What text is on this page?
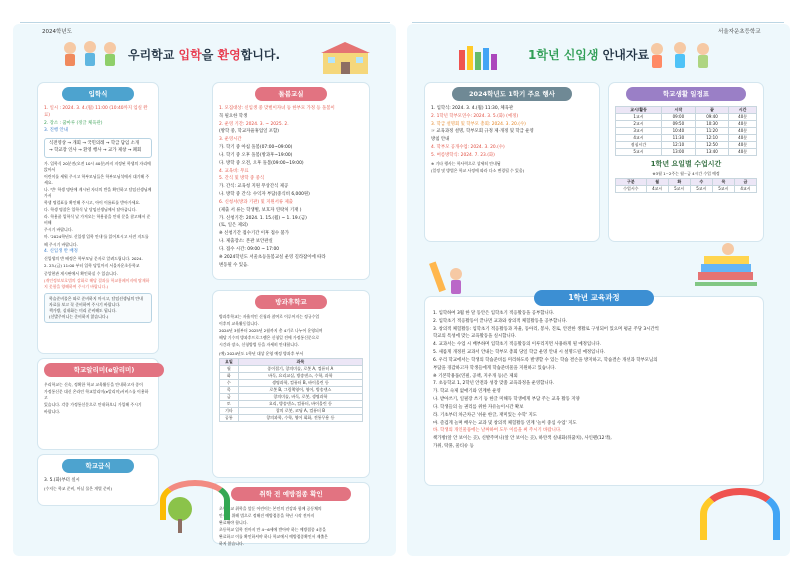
2024학년도	서울자운초등학교
우리학교 입학을 환영합니다.	1학년 신입생 안내자료
입학식
1. 일시 : 2024. 3. 4.(월) 11:00 (10:40까지 입실 완료)
2. 장소 : 꿈마루 (정글 체육관)
3. 진행 안내
식전영상 → 개회 → 국민의례 → 학급 담임 소개
→ 학교장 인사 → 환영 행사 → 교가 제창 → 폐회
가. 입학식 20분전(오전 10시 40분)까지 지정된 학생의 자리에 앉아서
어린이를 세워 주시고 학부모님들은 학부모님석에서 대기해 주세요.
나. '반' 학생 명단에 게시된 자녀의 반을 확인하고 담임선생님께 가서
학생 명렬표를 확인해 주시고, 아이 이름표를 받아가세요.
다. 학생 명찰은 입학식 날 담임선생님께서 달아줍니다.
라. 학용품 입학식 날 가져오는 학용품을 안내 문을 참고해서 준비해
주시기 바랍니다.
마. '2024학년도 신입생 입학 안내'를 읽어보시고 사전 지도를
해 주시기 바랍니다.
4. 신입생 반 배정
신입생의 반 배정은 학부모님 문자로 알려드립니다. 2024.
2. 23.(금) 11:00 부터 입학 당일까지 서울자운초등학교
중앙현관 게시판에서 확인하실 수 있습니다.
(개인정보보호법의 강화로 해당 결과를 학교홈페이지에 탑재하지 못함을 양해하여 주시기 바랍니다.)
학습준비물은 따로 준비하지 마시고, 담임선생님의 안내
자료를 보고 꼭 준비하여 주시기 바랍니다.
책가방, 실내화는 미리 준비해도 됩니다.
(신발주머니는 준비하지 않습니다.)
학교알리미(e알리미)
우리학교는 신속, 정확한 학교 교육활동을 안내하고자 종이
가정통신문 대신 온라인 학교알리미(e알리미)서비스를 이용하고
있습니다. 각종 가정통신문으로 안내하오니 가입해 주시기
바랍니다.
학교급식
3. 5.(화)부터 실시
(수저는 학교 준비, 아닐 물은 개별 준비)
돌봄교실
1. 모집대상: 신입생 중 맞벌이자녀 등 한부모 가정 등 돌봄이
꼭 필요한 학생
2. 운영 기간: 2024. 3. ~ 2025. 2.
(방학 중, 학교자율휴업일 포함)
3. 운영시간
가. 학기 중 아침 돌봄(07:00~09:00)
나. 학기 중 오후 돌봄(방과후~19:00)
다. 방학 중 오전, 오후 돌봄(09:00~19:00)
4. 교육비: 무료
5. 간식 및 방학 중 중식
가. 간식: 교육청 지원 무상간식 제공
나. 방학 중 간식: 수익자 부담(중식비 6,000원)
6. 신청서(방과 기관) 및 지원서류 제출
(제출 서 류는 학생별, 보호자 연락처 기재 )
가. 신청기간: 2024. 1. 15.(월) ~ 1. 19.(금)
(토, 일은 제외)
※ 신청기간 접수기간 이후 접수 불가
나. 제출장소: 본관 보안관실
다. 접수 시간: 09:00 ~ 17:00
※ 2024학년도 서울초등돌봄교실 운영 길라잡이에 따라
변동될 수 있음.
방과후학교
방과후학교는 자율적인 신청과 참여로 이루어지는 정규수업
이후의 교육활동입니다.
2024년 3월부터 2025년 2월까지 총 4기로 나누어 운영되며
해당 기수의 방과후프로그램은 신청일 전에 가정통신문으로
시간과 장소, 신청방법 등을 자세히 안내합니다.
(예) 2024년도 1학년 대상 운영 예정 방과후 부서
요일	과목
월	종이접기, 창의미술, 로봇 A, 컴퓨터 A
화	바둑, 요리교실, 방송댄스, 수학, 과학
수	생명과학, 컴퓨터 B, 바이올린 등
목	로봇 B, 그림책영어, 영어, 방송댄스
금	창의미술, 바둑, 로봇, 생명과학
토	요리, 방송댄스, 컴퓨터, 바이올린 등
기타	창의 로봇, 코딩 A, 컴퓨터 B
공통	창의과학, 수학, 영어 회화, 전통무용 등
취학 전 예방접종 확인
초등학교 취학을 앞둔 어린이는 본인의 건강과 함께 공동체의
안전을 위해 법으로 정해진 예방접종을 학년 시작 전까지
완료해야 합니다.
초등학교 입학 전까지 만 4~6세에 받아야 하는 예방접종 4종을
완료하고 이를 확인하셔야 하나 학교에서 예방접종확인서 제출은
하지 않습니다.
2024학년도 1학기 주요 행사
1. 입학식: 2024. 3. 4.(월) 11:30, 체육관
2. 1학년 학부모연수: 2024. 3. 5.(화) (예정)
3. 학급 설명회 및 학부모 총회: 2024. 3. 20.(수)
☞ 교육과정 설명, 학부모회 규정 제·개정 및 학급 운영
방침 안내
4. 학부모 공개수업: 2024. 3. 20.(수)
5. 여름방학식: 2024. 7. 23.(화)
※ 기타 행사는 학사력으로 상세히 안내됨
(일정 및 방법은 학교 사정에 따라 다소 변경될 수 있음)
학교생활 일정표
교시/활동	시작	끝	시간
1교시	09:00	09:40	40분
2교시	09:50	10:30	40분
3교시	10:40	11:20	40분
4교시	11:30	12:10	40분
점심시간	12:10	12:50	40분
5교시	13:00	13:40	40분
1학년 요일별 수업시간
※3월 1~2주는 월~금 4시간 수업 예정
구분	월	화	수	목	금
수업시수	4교시	5교시	5교시	5교시	4교시
1학년 교육과정
1. 입학하여 3월 한 달 동안은 입학초기 적응활동을 공부합니다.
2. 입학초기 적응활동이 끝나면 교과와 창의적 체험활동을 공부합니다.
3. 창의적 체험활동: 입학초기 적응활동과 자율, 동아리, 봉사, 진로, 안전한 생활로 구성되어 있으며 평균 주당 3시간씩
학교의 특성에 맞는 교육활동을 실시합니다.
4. 교과서는 수업 시 배부하며 입학초기 적응활동의 이루리지면 사용하게 될 예정입니다.
5. 새롭게 개정된 교과서 안내는 학부모 총회 당일 학급 운영 안내 시 설명드릴 예정입니다.
6. 우리 학교에서는 학생의 학습준비를 미리하도록 발생할 수 있는 학습 결손을 방지하고, 학습결손 개선과 학부모님의
부담을 경감하고자 학생들에게 학습준비물을 지원하고 있습니다.
※ 기본학용품(연필, 공책, 지우개 등)은 제외
7. 초등학교 1, 2학년 안전과 성장 맞춤 교육과정을 운영합니다.
가. 학교 숙제 없애기와 연계한 운영
나. 받아쓰기, 일필장 쓰기 등 한글 미해득 학생에게 부담 주는 교육 활동 지양
다. 학생들의 놀 권리를 위한 자유놀이시간 확보
라. 기초부터 차근차근 '쉬운 한글, 재미있는 수학' 지도
마. 즐겁게 놀며 배우는 교과 및 창의적 체험활동 연계 '놀이 중심 수업' 지도
바. 학생의 개인물품에는 날짜하여 도두 이름을 써 주시기 바랍니다.
책가방(앞 안 보이는 곳), 신발주머니(앞 안 보이는 곳), 하얀색 실내화(뒤꿈치), 사인펜(12색),
가위, 딱풀, 물티슈 등
